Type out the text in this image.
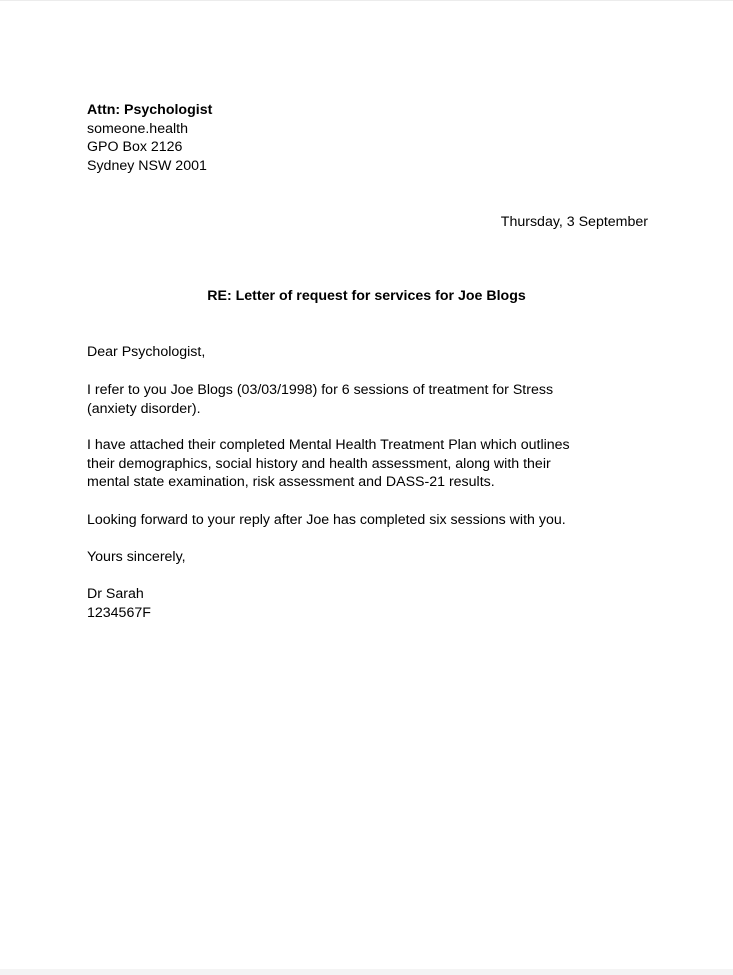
Attn: Psychologist
someone.health
GPO Box 2126
Sydney NSW 2001
Thursday, 3 September
RE: Letter of request for services for Joe Blogs
Dear Psychologist,
I refer to you Joe Blogs (03/03/1998) for 6 sessions of treatment for Stress (anxiety disorder).
I have attached their completed Mental Health Treatment Plan which outlines their demographics, social history and health assessment, along with their mental state examination, risk assessment and DASS-21 results.
Looking forward to your reply after Joe has completed six sessions with you.
Yours sincerely,
Dr Sarah
1234567F
